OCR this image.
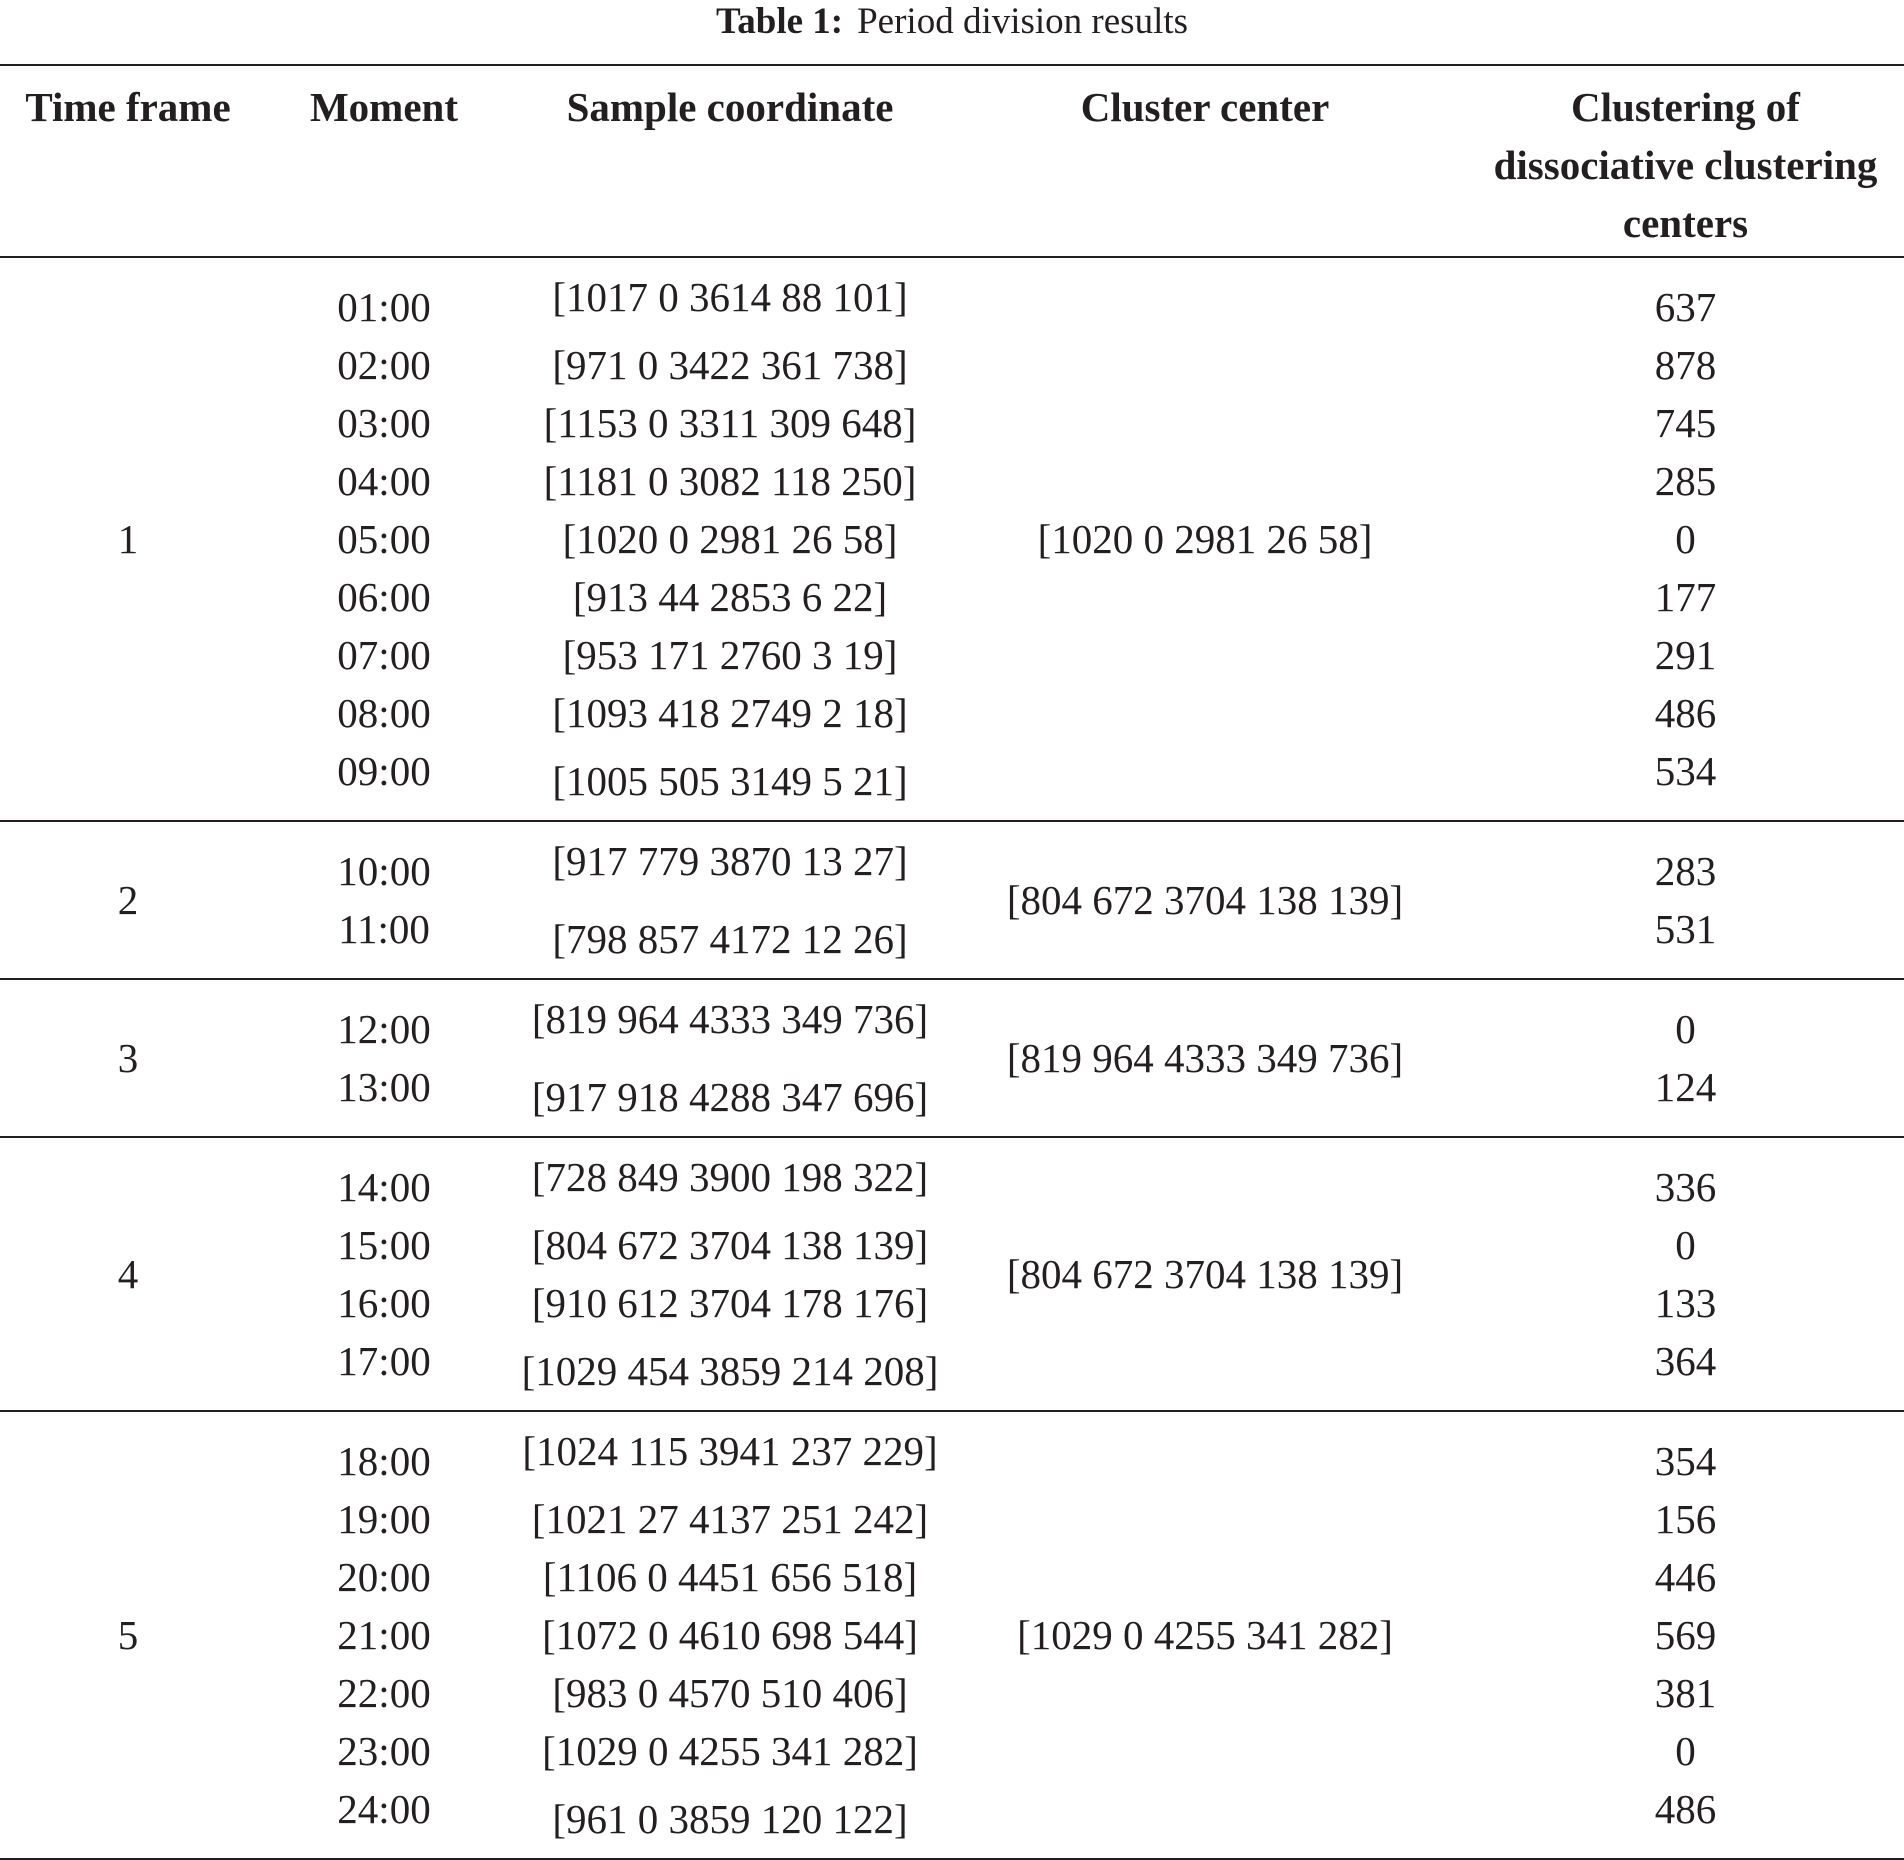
Table 1: Period division results
Time frame	Moment	Sample coordinate	Cluster center	Clustering of dissociative clustering centers
1	01:00	[1017 0 3614 88 101]	[1020 0 2981 26 58]	637
	02:00	[971 0 3422 361 738]	878
	03:00	[1153 0 3311 309 648]	745
	04:00	[1181 0 3082 118 250]	285
	05:00	[1020 0 2981 26 58]	0
	06:00	[913 44 2853 6 22]	177
	07:00	[953 171 2760 3 19]	291
	08:00	[1093 418 2749 2 18]	486
	09:00	[1005 505 3149 5 21]	534
2	10:00	[917 779 3870 13 27]	[804 672 3704 138 139]	283
	11:00	[798 857 4172 12 26]	531
3	12:00	[819 964 4333 349 736]	[819 964 4333 349 736]	0
	13:00	[917 918 4288 347 696]	124
4	14:00	[728 849 3900 198 322]	[804 672 3704 138 139]	336
	15:00	[804 672 3704 138 139]	0
	16:00	[910 612 3704 178 176]	133
	17:00	[1029 454 3859 214 208]	364
5	18:00	[1024 115 3941 237 229]	[1029 0 4255 341 282]	354
	19:00	[1021 27 4137 251 242]	156
	20:00	[1106 0 4451 656 518]	446
	21:00	[1072 0 4610 698 544]	569
	22:00	[983 0 4570 510 406]	381
	23:00	[1029 0 4255 341 282]	0
	24:00	[961 0 3859 120 122]	486
